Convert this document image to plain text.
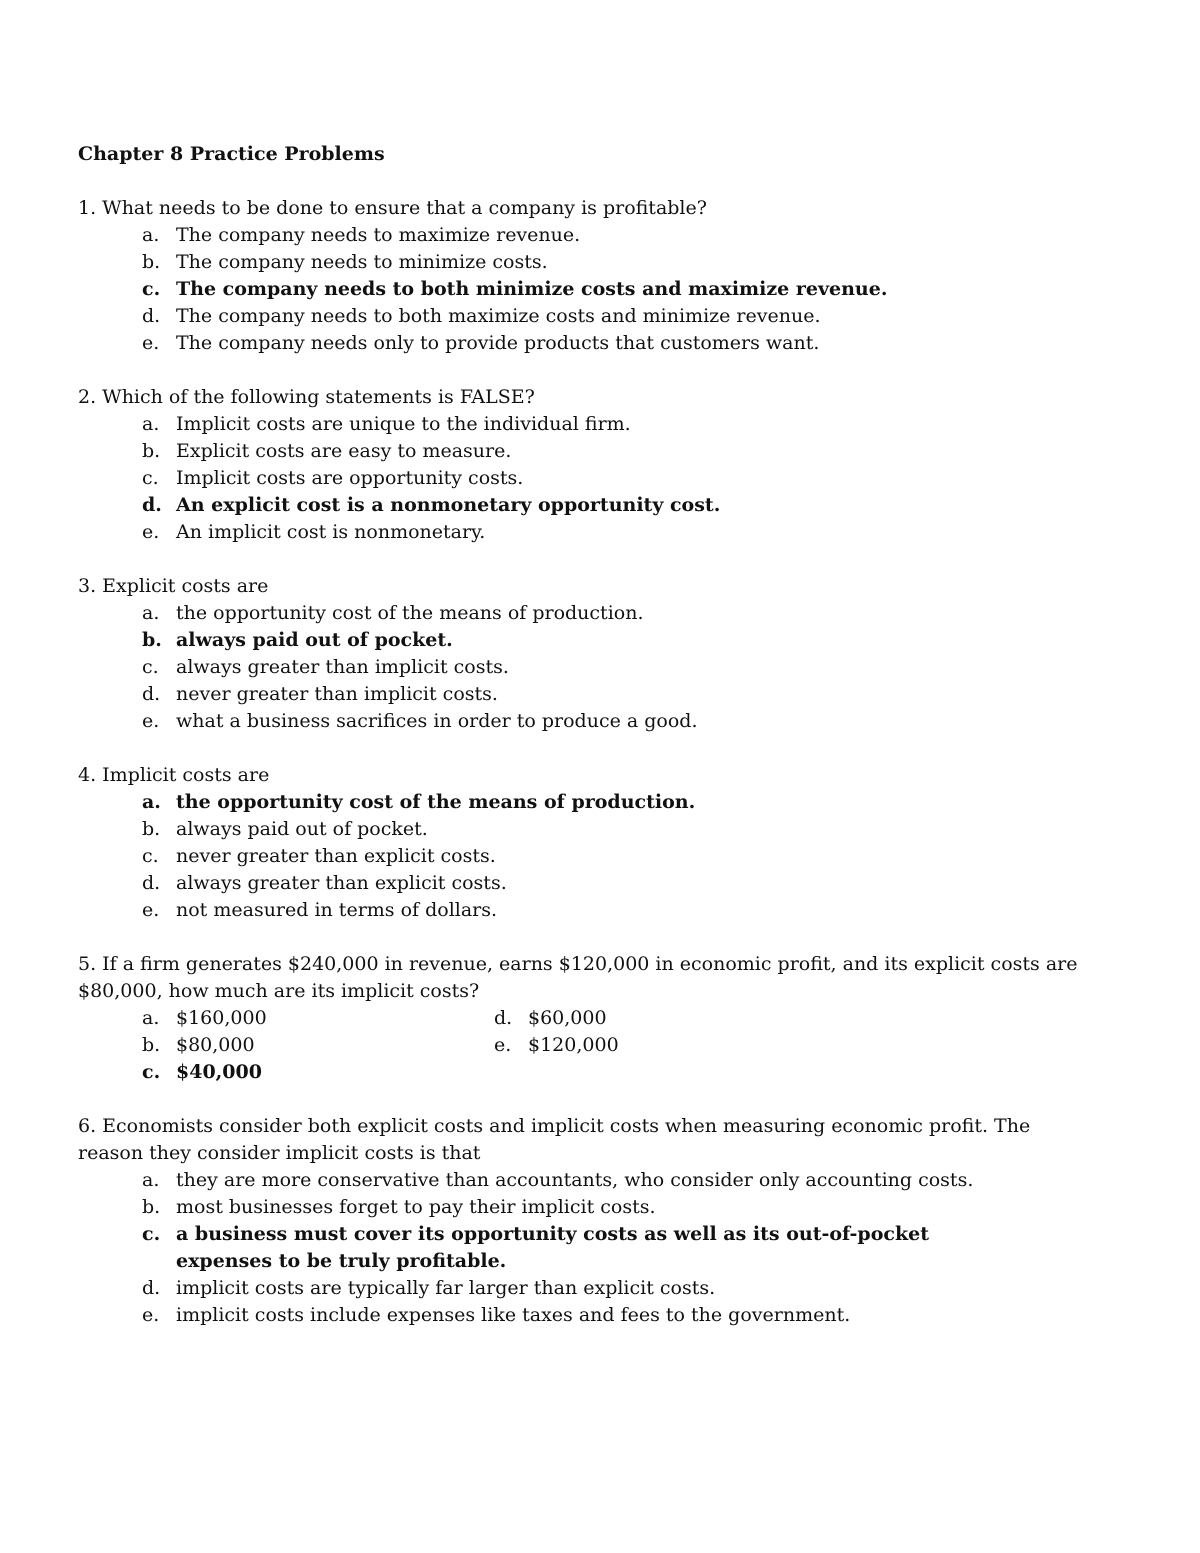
Chapter 8 Practice Problems
1. What needs to be done to ensure that a company is profitable?
a. The company needs to maximize revenue.
b. The company needs to minimize costs.
c. The company needs to both minimize costs and maximize revenue.
d. The company needs to both maximize costs and minimize revenue.
e. The company needs only to provide products that customers want.
2. Which of the following statements is FALSE?
a. Implicit costs are unique to the individual firm.
b. Explicit costs are easy to measure.
c. Implicit costs are opportunity costs.
d. An explicit cost is a nonmonetary opportunity cost.
e. An implicit cost is nonmonetary.
3. Explicit costs are
a. the opportunity cost of the means of production.
b. always paid out of pocket.
c. always greater than implicit costs.
d. never greater than implicit costs.
e. what a business sacrifices in order to produce a good.
4. Implicit costs are
a. the opportunity cost of the means of production.
b. always paid out of pocket.
c. never greater than explicit costs.
d. always greater than explicit costs.
e. not measured in terms of dollars.
5. If a firm generates $240,000 in revenue, earns $120,000 in economic profit, and its explicit costs are
$80,000, how much are its implicit costs?
a. $160,000
b. $80,000
c. $40,000
d. $60,000
e. $120,000
6. Economists consider both explicit costs and implicit costs when measuring economic profit. The
reason they consider implicit costs is that
a. they are more conservative than accountants, who consider only accounting costs.
b. most businesses forget to pay their implicit costs.
c. a business must cover its opportunity costs as well as its out-of-pocket
expenses to be truly profitable.
d. implicit costs are typically far larger than explicit costs.
e. implicit costs include expenses like taxes and fees to the government.
